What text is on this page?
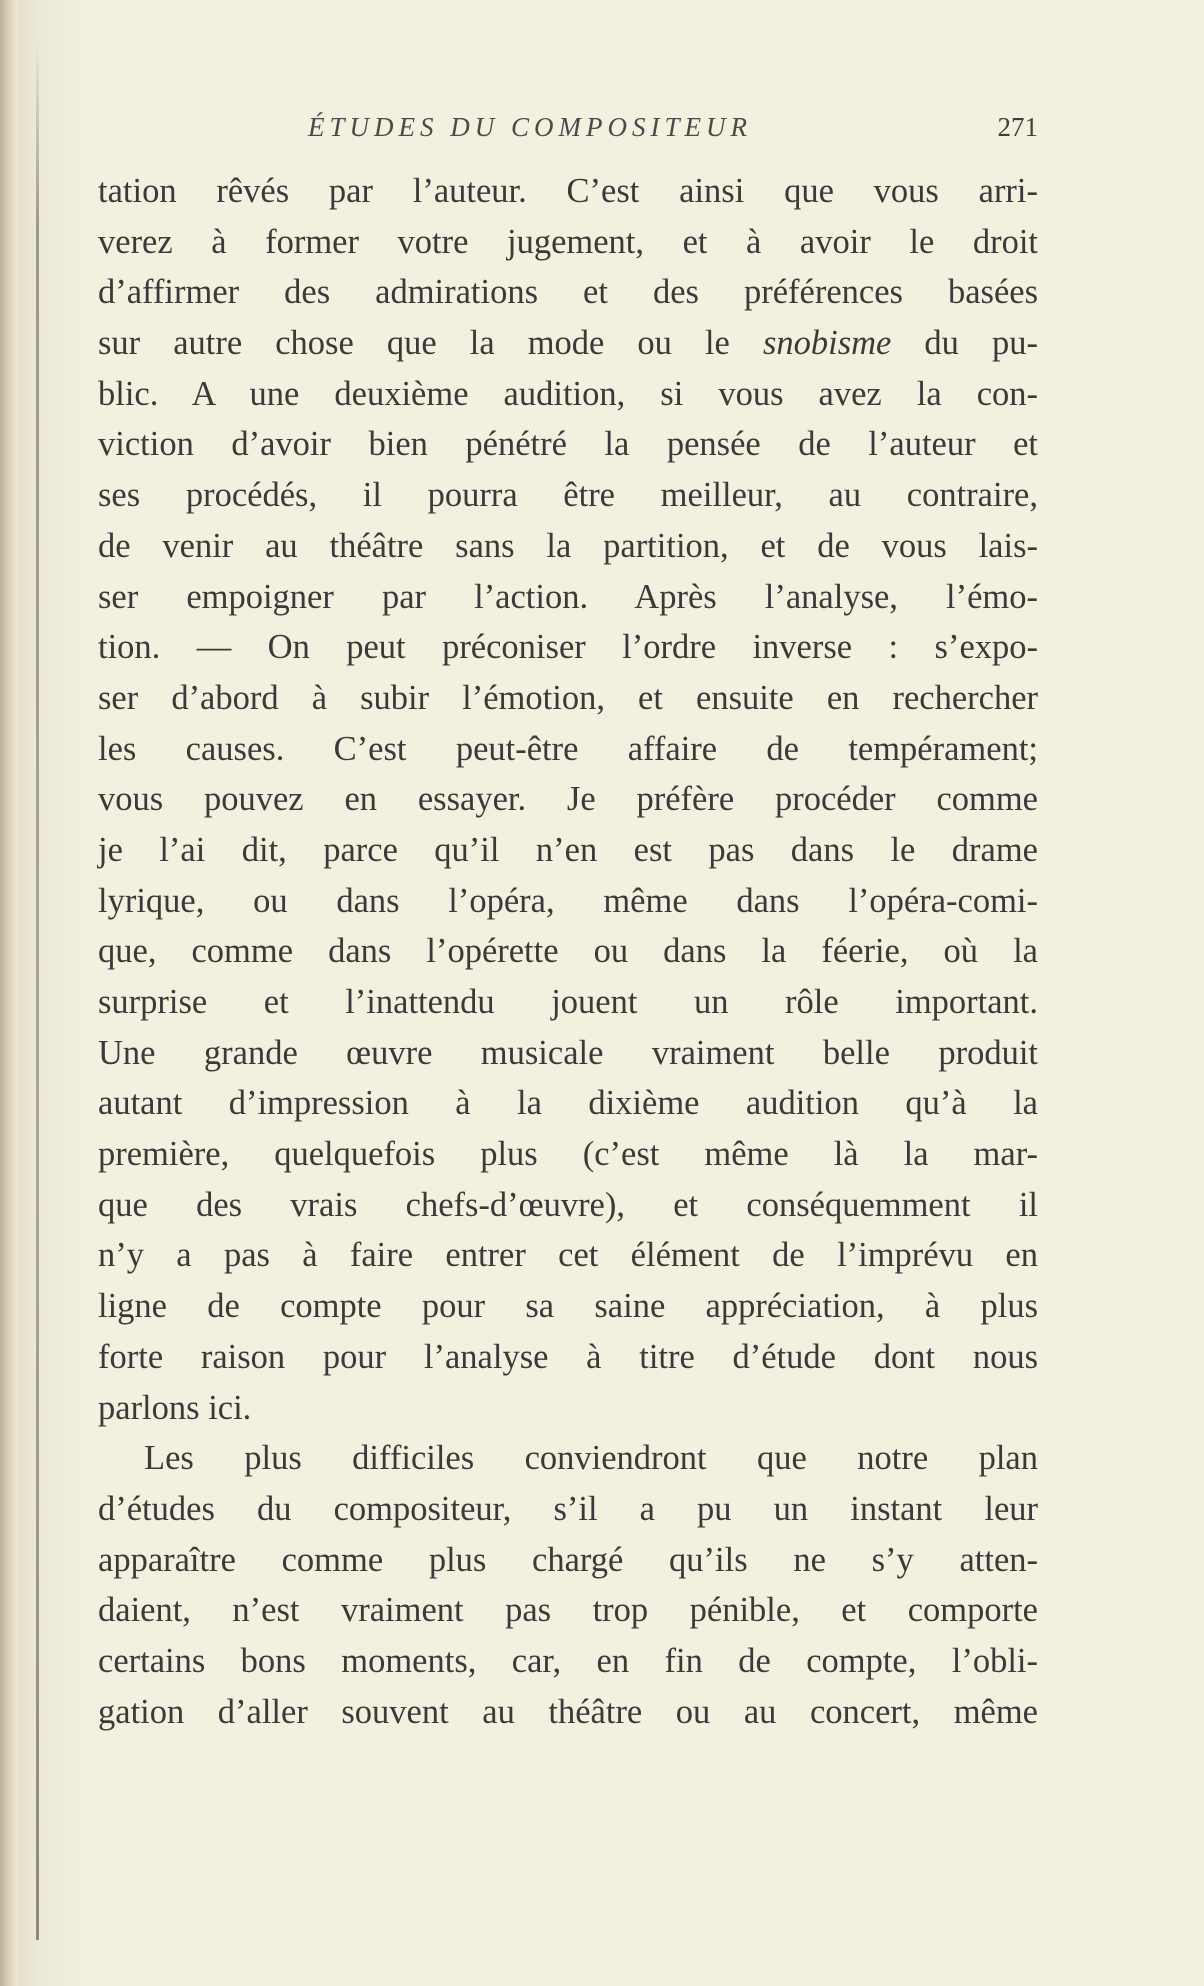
ÉTUDES DU COMPOSITEUR	271
tation rêvés par l’auteur. C’est ainsi que vous arri-
verez à former votre jugement, et à avoir le droit
d’affirmer des admirations et des préférences basées
sur autre chose que la mode ou le snobisme du pu-
blic. A une deuxième audition, si vous avez la con-
viction d’avoir bien pénétré la pensée de l’auteur et
ses procédés, il pourra être meilleur, au contraire,
de venir au théâtre sans la partition, et de vous lais-
ser empoigner par l’action. Après l’analyse, l’émo-
tion. — On peut préconiser l’ordre inverse : s’expo-
ser d’abord à subir l’émotion, et ensuite en rechercher
les causes. C’est peut-être affaire de tempérament;
vous pouvez en essayer. Je préfère procéder comme
je l’ai dit, parce qu’il n’en est pas dans le drame
lyrique, ou dans l’opéra, même dans l’opéra-comi-
que, comme dans l’opérette ou dans la féerie, où la
surprise et l’inattendu jouent un rôle important.
Une grande œuvre musicale vraiment belle produit
autant d’impression à la dixième audition qu’à la
première, quelquefois plus (c’est même là la mar-
que des vrais chefs-d’œuvre), et conséquemment il
n’y a pas à faire entrer cet élément de l’imprévu en
ligne de compte pour sa saine appréciation, à plus
forte raison pour l’analyse à titre d’étude dont nous
parlons ici.
Les plus difficiles conviendront que notre plan
d’études du compositeur, s’il a pu un instant leur
apparaître comme plus chargé qu’ils ne s’y atten-
daient, n’est vraiment pas trop pénible, et comporte
certains bons moments, car, en fin de compte, l’obli-
gation d’aller souvent au théâtre ou au concert, même
